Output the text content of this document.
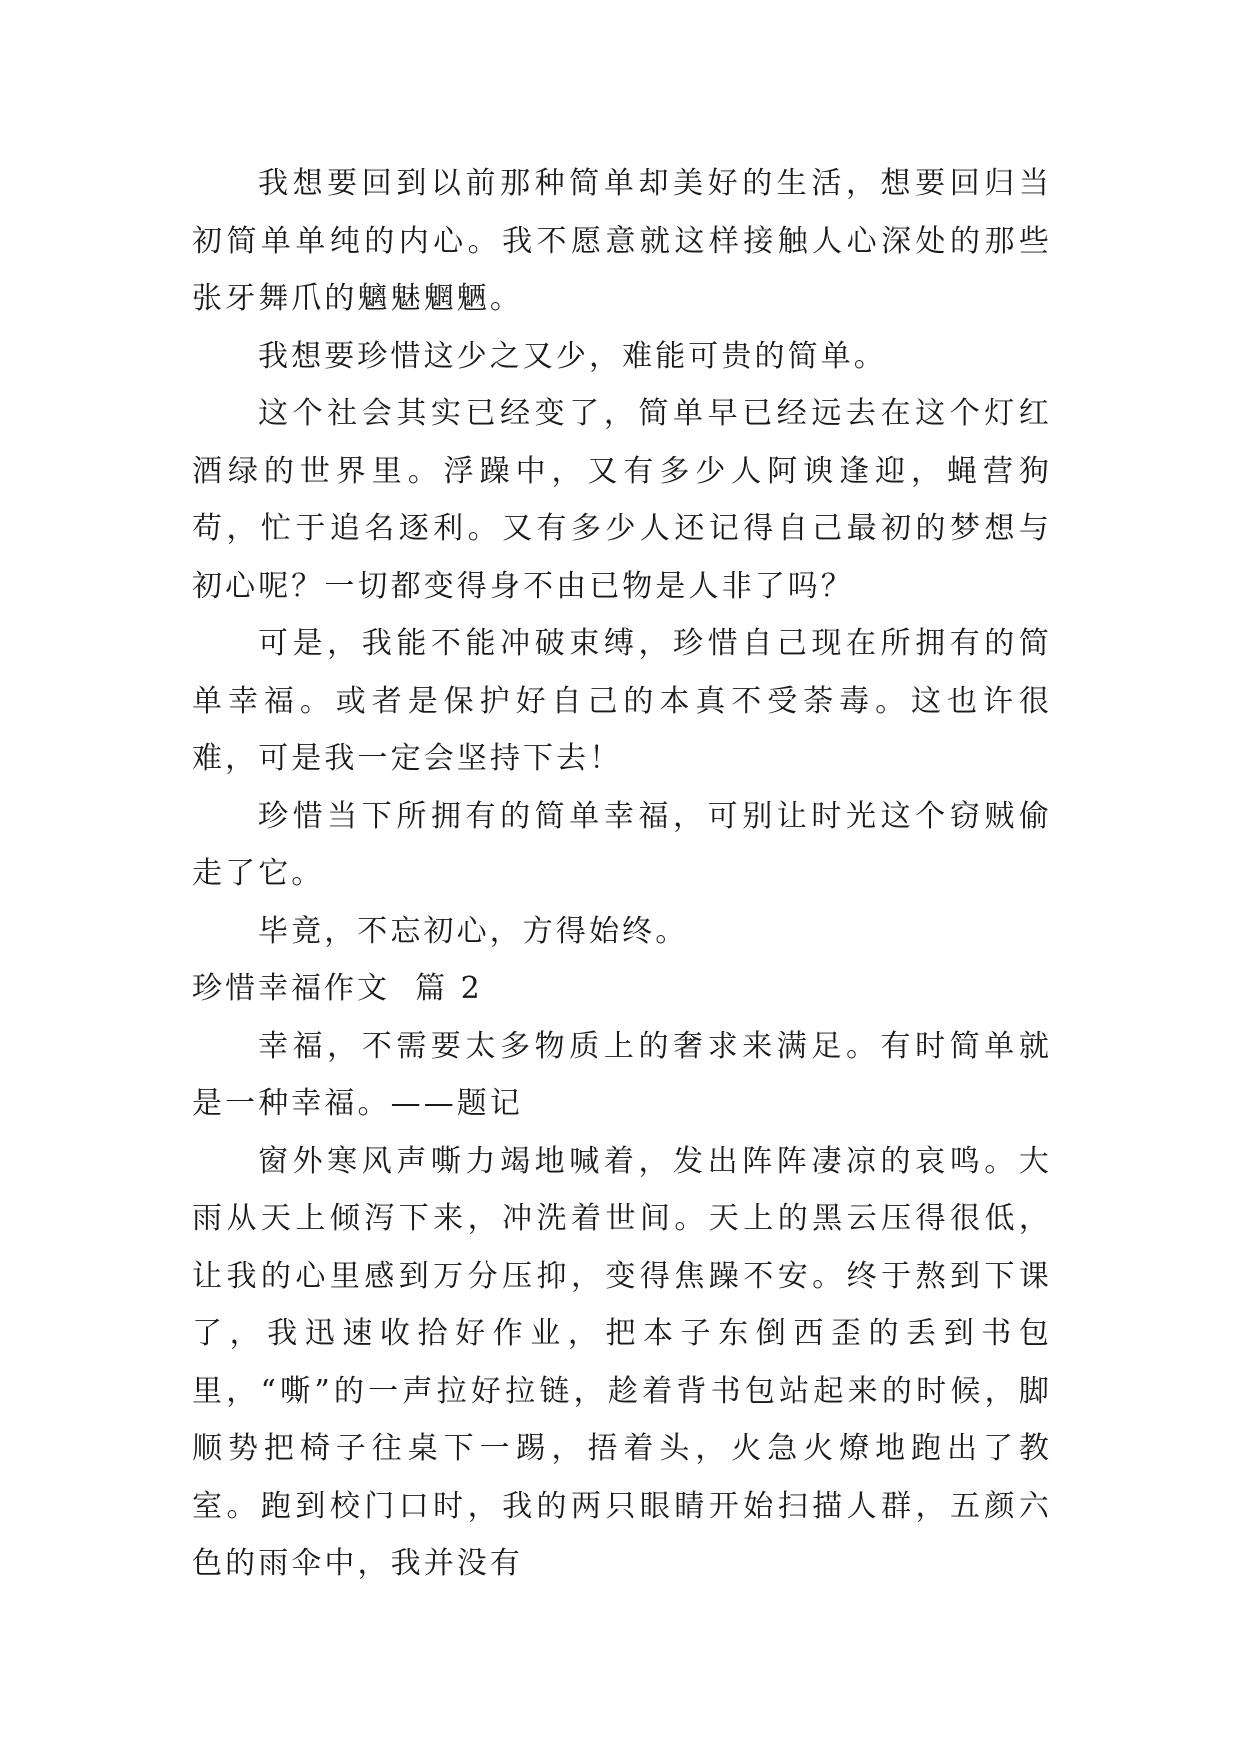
我想要回到以前那种简单却美好的生活，想要回归当初简单单纯的内心。我不愿意就这样接触人心深处的那些张牙舞爪的魑魅魍魉。

我想要珍惜这少之又少，难能可贵的简单。

这个社会其实已经变了，简单早已经远去在这个灯红酒绿的世界里。浮躁中，又有多少人阿谀逢迎，蝇营狗苟，忙于追名逐利。又有多少人还记得自己最初的梦想与初心呢？一切都变得身不由已物是人非了吗？

可是，我能不能冲破束缚，珍惜自己现在所拥有的简单幸福。或者是保护好自己的本真不受荼毒。这也许很难，可是我一定会坚持下去！

珍惜当下所拥有的简单幸福，可别让时光这个窃贼偷走了它。

毕竟，不忘初心，方得始终。

珍惜幸福作文  篇 2

幸福，不需要太多物质上的奢求来满足。有时简单就是一种幸福。——题记

窗外寒风声嘶力竭地喊着，发出阵阵凄凉的哀鸣。大雨从天上倾泻下来，冲洗着世间。天上的黑云压得很低，让我的心里感到万分压抑，变得焦躁不安。终于熬到下课了，我迅速收拾好作业，把本子东倒西歪的丢到书包里，“嘶”的一声拉好拉链，趁着背书包站起来的时候，脚顺势把椅子往桌下一踢，捂着头，火急火燎地跑出了教室。跑到校门口时，我的两只眼睛开始扫描人群，五颜六色的雨伞中，我并没有
